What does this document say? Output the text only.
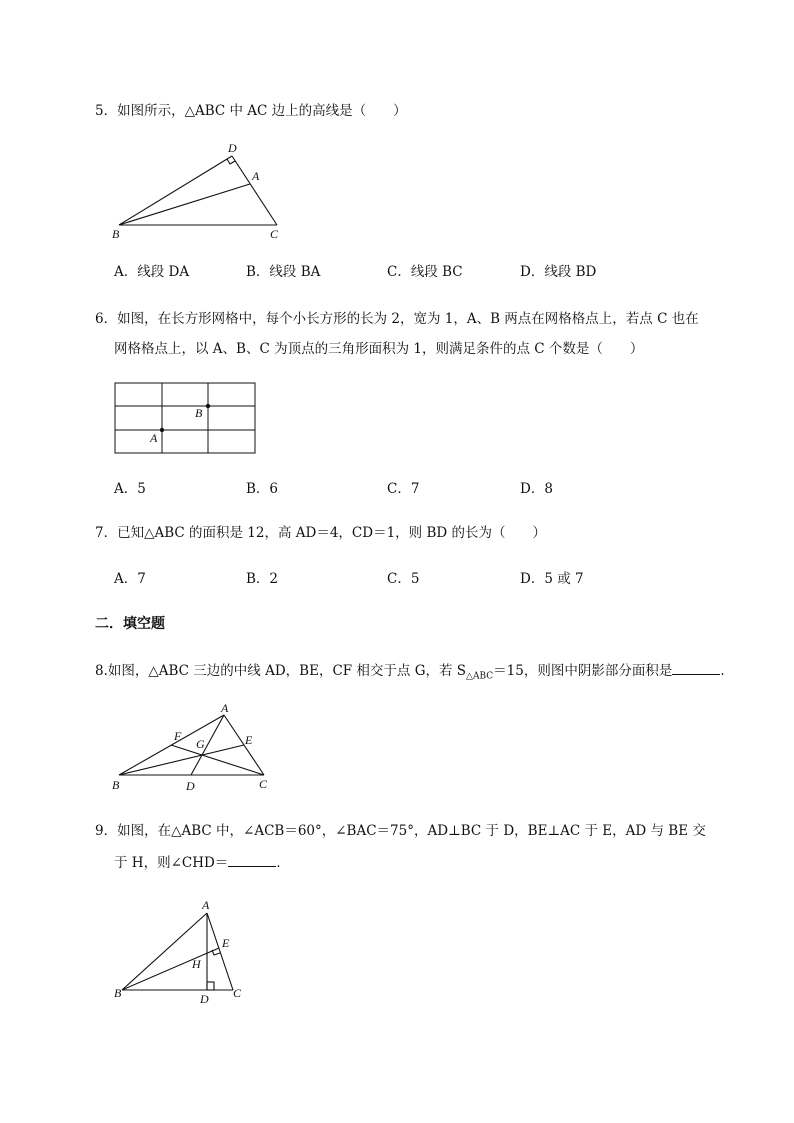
5．如图所示，△ABC 中 AC 边上的高线是（　　）
D
A
B	C
A．线段 DA	B．线段 BA	C．线段 BC	D．线段 BD
6．如图，在长方形网格中，每个小长方形的长为 2，宽为 1，A、B 两点在网格格点上，若点 C 也在
网格格点上，以 A、B、C 为顶点的三角形面积为 1，则满足条件的点 C 个数是（　　）
B
A
A．5	B．6	C．7	D．8
7．已知△ABC 的面积是 12，高 AD＝4，CD＝1，则 BD 的长为（　　）
A．7	B．2	C．5	D．5 或 7
二．填空题
8.如图，△ABC 三边的中线 AD，BE，CF 相交于点 G，若 $S_{\triangle ABC}=15$，则图中阴影部分面积是	.
A
F
G	E
B	D	C
9．如图，在△ABC 中，∠ACB＝60°，∠BAC＝75°，AD⊥BC 于 D，BE⊥AC 于 E，AD 与 BE 交
于 H，则∠CHD＝	．
A
E
H
B	D C
